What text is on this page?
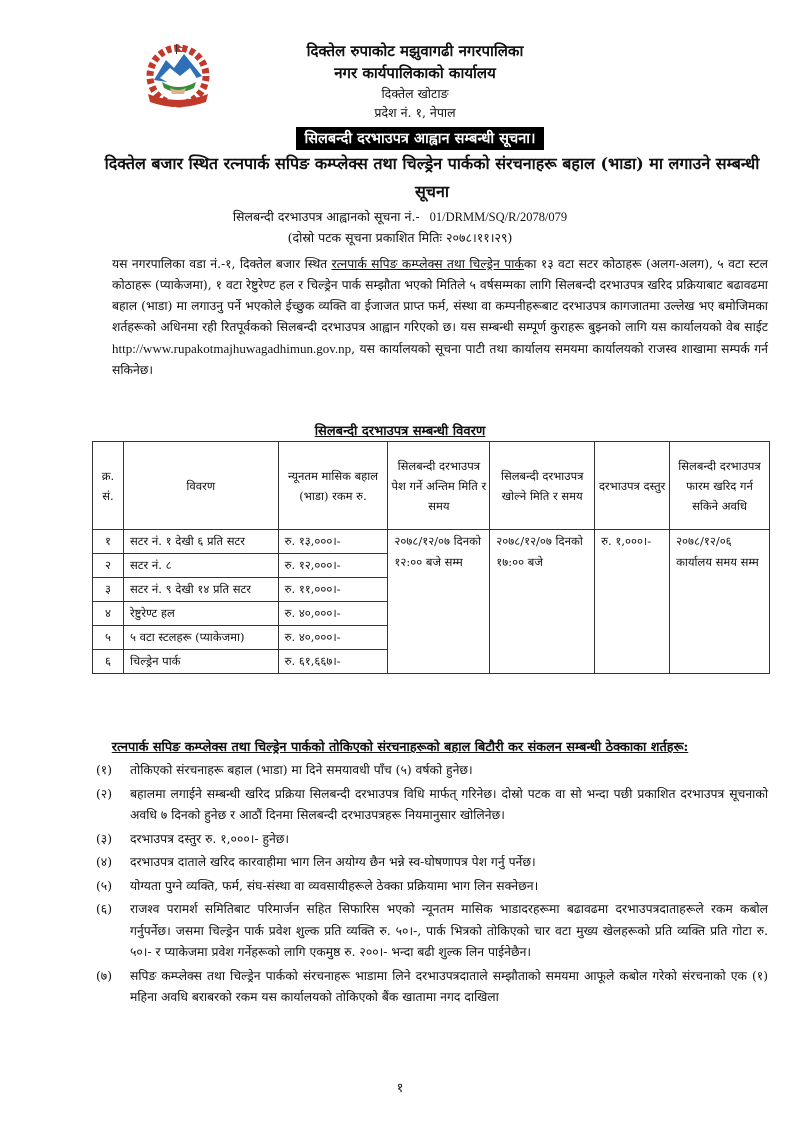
दिक्तेल रुपाकोट मझुवागढी नगरपालिका
नगर कार्यपालिकाको कार्यालय
दिक्तेल खोटाङ
प्रदेश नं. १, नेपाल
सिलबन्दी दरभाउपत्र आह्वान सम्बन्धी सूचना।
दिक्तेल बजार स्थित रत्नपार्क सपिङ कम्प्लेक्स तथा चिल्ड्रेन पार्कको संरचनाहरू बहाल (भाडा) मा लगाउने सम्बन्धी सूचना
सिलबन्दी दरभाउपत्र आह्वानको सूचना नं.- 01/DRMM/SQ/R/2078/079
(दोस्रो पटक सूचना प्रकाशित मितिः २०७८।११।२९)

यस नगरपालिका वडा नं.-१, दिक्तेल बजार स्थित रत्नपार्क सपिङ कम्प्लेक्स तथा चिल्ड्रेन पार्कका १३ वटा सटर कोठाहरू (अलग-अलग), ५ वटा स्टल कोठाहरू (प्याकेजमा), १ वटा रेष्टुरेण्ट हल र चिल्ड्रेन पार्क सम्झौता भएको मितिले ५ वर्षसम्मका लागि सिलबन्दी दरभाउपत्र खरिद प्रक्रियाबाट बढावढमा बहाल (भाडा) मा लगाउनु पर्ने भएकोले ईच्छुक व्यक्ति वा ईजाजत प्राप्त फर्म, संस्था वा कम्पनीहरूबाट दरभाउपत्र कागजातमा उल्लेख भए बमोजिमका शर्तहरूको अधिनमा रही रितपूर्वकको सिलबन्दी दरभाउपत्र आह्वान गरिएको छ। यस सम्बन्धी सम्पूर्ण कुराहरू बुझ्नको लागि यस कार्यालयको वेब साईट http://www.rupakotmajhuwagadhimun.gov.np, यस कार्यालयको सूचना पाटी तथा कार्यालय समयमा कार्यालयको राजस्व शाखामा सम्पर्क गर्न सकिनेछ।

सिलबन्दी दरभाउपत्र सम्बन्धी विवरण
क्र. सं.	विवरण	न्यूनतम मासिक बहाल (भाडा) रकम रु.	सिलबन्दी दरभाउपत्र पेश गर्ने अन्तिम मिति र समय	सिलबन्दी दरभाउपत्र खोल्ने मिति र समय	दरभाउपत्र दस्तुर	सिलबन्दी दरभाउपत्र फारम खरिद गर्न सकिने अवधि
१	सटर नं. १ देखी ६ प्रति सटर	रु. १३,०००।-	२०७८/१२/०७ दिनको १२:०० बजे सम्म	२०७८/१२/०७ दिनको १७:०० बजे	रु. १,०००।-	२०७८/१२/०६ कार्यालय समय सम्म
२	सटर नं. ८	रु. १२,०००।-				
३	सटर नं. ९ देखी १४ प्रति सटर	रु. ११,०००।-				
४	रेष्टुरेण्ट हल	रु. ४०,०००।-				
५	५ वटा स्टलहरू (प्याकेजमा)	रु. ४०,०००।-				
६	चिल्ड्रेन पार्क	रु. ६१,६६७।-				
रत्नपार्क सपिङ कम्प्लेक्स तथा चिल्ड्रेन पार्कको तोकिएको संरचनाहरूको बहाल बिटौरी कर संकलन सम्बन्धी ठेक्काका शर्तहरू:
(१)	तोकिएको संरचनाहरू बहाल (भाडा) मा दिने समयावधी पाँच (५) वर्षको हुनेछ।
(२)	बहालमा लगाईने सम्बन्धी खरिद प्रक्रिया सिलबन्दी दरभाउपत्र विधि मार्फत् गरिनेछ। दोस्रो पटक वा सो भन्दा पछी प्रकाशित दरभाउपत्र सूचनाको अवधि ७ दिनको हुनेछ र आठौं दिनमा सिलबन्दी दरभाउपत्रहरू नियमानुसार खोलिनेछ।
(३)	दरभाउपत्र दस्तुर रु. १,०००।- हुनेछ।
(४)	दरभाउपत्र दाताले खरिद कारवाहीमा भाग लिन अयोग्य छैन भन्ने स्व-घोषणापत्र पेश गर्नु पर्नेछ।
(५)	योग्यता पुग्ने व्यक्ति, फर्म, संघ-संस्था वा व्यवसायीहरूले ठेक्का प्रक्रियामा भाग लिन सक्नेछन।
(६)	राजश्व परामर्श समितिबाट परिमार्जन सहित सिफारिस भएको न्यूनतम मासिक भाडादरहरूमा बढावढमा दरभाउपत्रदाताहरूले रकम कबोल गर्नुपर्नेछ। जसमा चिल्ड्रेन पार्क प्रवेश शुल्क प्रति व्यक्ति रु. ५०।-, पार्क भित्रको तोकिएको चार वटा मुख्य खेलहरूको प्रति व्यक्ति प्रति गोटा रु. ५०।- र प्याकेजमा प्रवेश गर्नेहरूको लागि एकमुष्ठ रु. २००।- भन्दा बढी शुल्क लिन पाईनेछैन।
(७)	सपिङ कम्प्लेक्स तथा चिल्ड्रेन पार्कको संरचनाहरू भाडामा लिने दरभाउपत्रदाताले सम्झौताको समयमा आफूले कबोल गरेको संरचनाको एक (१) महिना अवधि बराबरको रकम यस कार्यालयको तोकिएको बैंक खातामा नगद दाखिला
१
